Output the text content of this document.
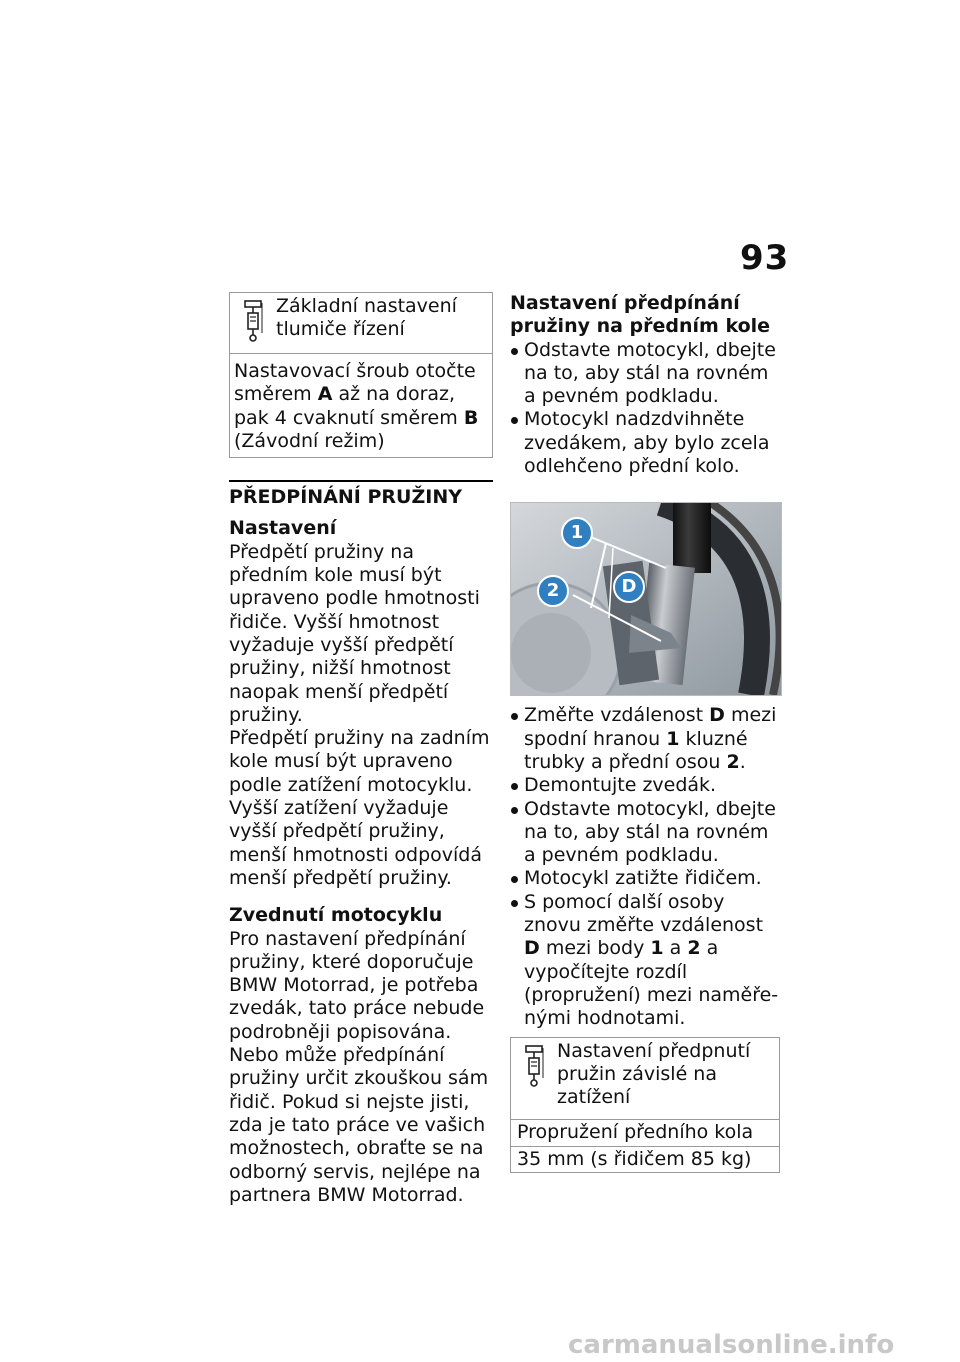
93
Základní nastavení tlumiče řízení
Nastavovací šroub otočte
směrem A až na doraz,
pak 4 cvaknutí směrem B
(Závodní režim)
PŘEDPÍNÁNÍ PRUŽINY
Nastavení

Předpětí pružiny na předním kole musí být upraveno podle hmotnosti řidiče. Vyšší hmotnost vyžaduje vyšší předpětí pružiny, nižší hmotnost naopak menší předpětí pružiny.

Předpětí pružiny na zadním kole musí být upraveno podle zatížení motocyklu. Vyšší zatížení vyžaduje vyšší předpětí pružiny, menší hmotnosti odpovídá menší předpětí pružiny.

Zvednutí motocyklu

Pro nastavení předpínání pružiny, které doporučuje BMW Motorrad, je potřeba zvedák, tato práce nebude podrobněji popisována.

Nebo může předpínání pružiny určit zkouškou sám řidič. Pokud si nejste jisti, zda je tato práce ve vašich možnostech, obraťte se na odborný servis, nejlépe na partnera BMW Motorrad.

Nastavení předpínání pružiny na předním kole
Odstavte motocykl, dbejte na to, aby stál na rovném a pevném podkladu.
Motocykl nadzdvihněte zvedákem, aby bylo zcela odlehčeno přední kolo.
1
2	D
Změřte vzdálenost D mezi spodní hranou 1 kluzné trubky a přední osou 2.
Demontujte zvedák.
Odstavte motocykl, dbejte na to, aby stál na rovném a pevném podkladu.
Motocykl zatižte řidičem.
S pomocí další osoby znovu změřte vzdálenost D mezi body 1 a 2 a vypočítejte rozdíl (propružení) mezi naměřenými hodnotami.
Nastavení předpnutí pružin závislé na zatížení
Propružení předního kola
35 mm (s řidičem 85 kg)
carmanualsonline.info
